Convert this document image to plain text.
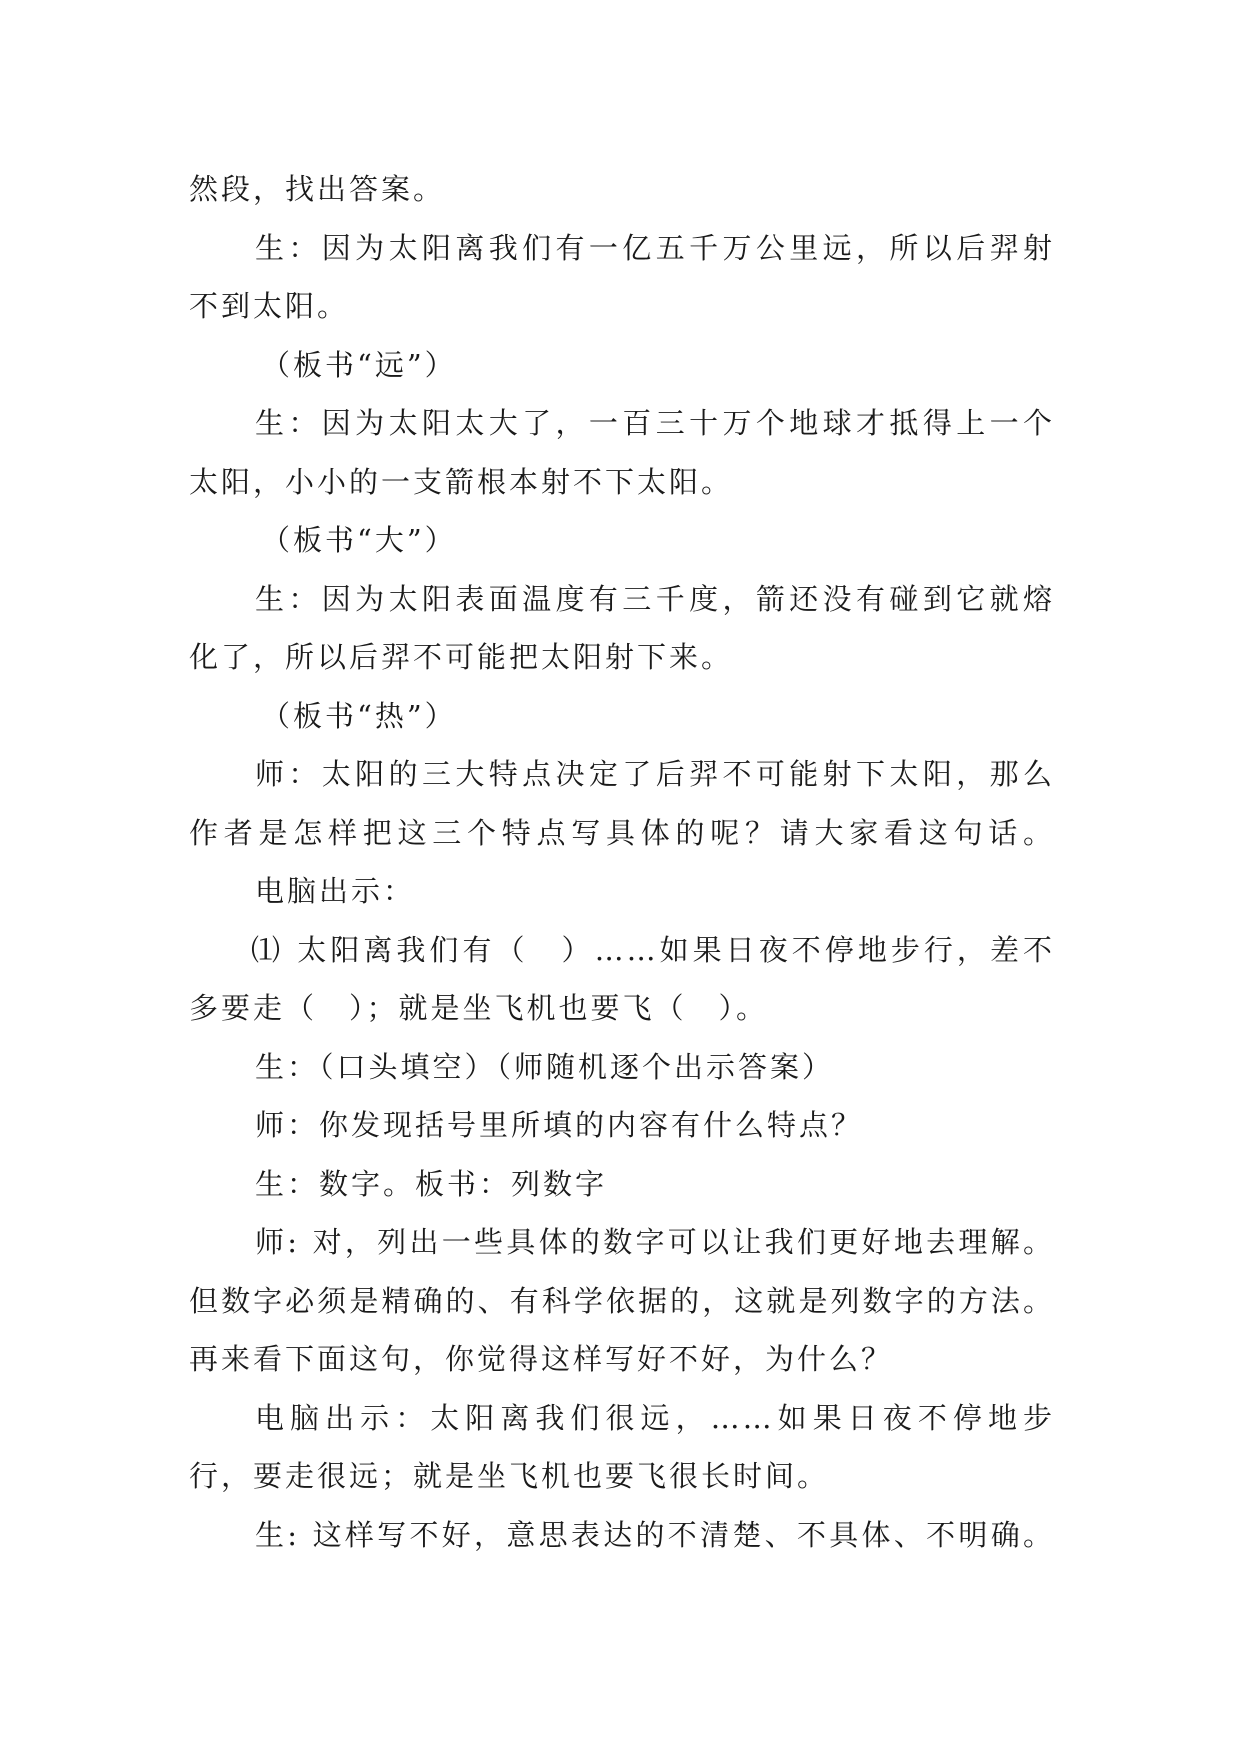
然段，找出答案。
生：因为太阳离我们有一亿五千万公里远，所以后羿射
不到太阳。
（板书“远”）
生：因为太阳太大了，一百三十万个地球才抵得上一个
太阳，小小的一支箭根本射不下太阳。
（板书“大”）
生：因为太阳表面温度有三千度，箭还没有碰到它就熔
化了，所以后羿不可能把太阳射下来。
（板书“热”）
师：太阳的三大特点决定了后羿不可能射下太阳，那么
作者是怎样把这三个特点写具体的呢？请大家看这句话。
电脑出示：
⑴ 太阳离我们有（　）……如果日夜不停地步行，差不
多要走（　）；就是坐飞机也要飞（　）。
生：（口头填空）（师随机逐个出示答案）
师：你发现括号里所填的内容有什么特点？
生：数字。板书：列数字
师: 对，列出一些具体的数字可以让我们更好地去理解。
但数字必须是精确的、有科学依据的，这就是列数字的方法。
再来看下面这句，你觉得这样写好不好，为什么？
电脑出示：太阳离我们很远，……如果日夜不停地步
行，要走很远；就是坐飞机也要飞很长时间。
生: 这样写不好，意思表达的不清楚、不具体、不明确。
